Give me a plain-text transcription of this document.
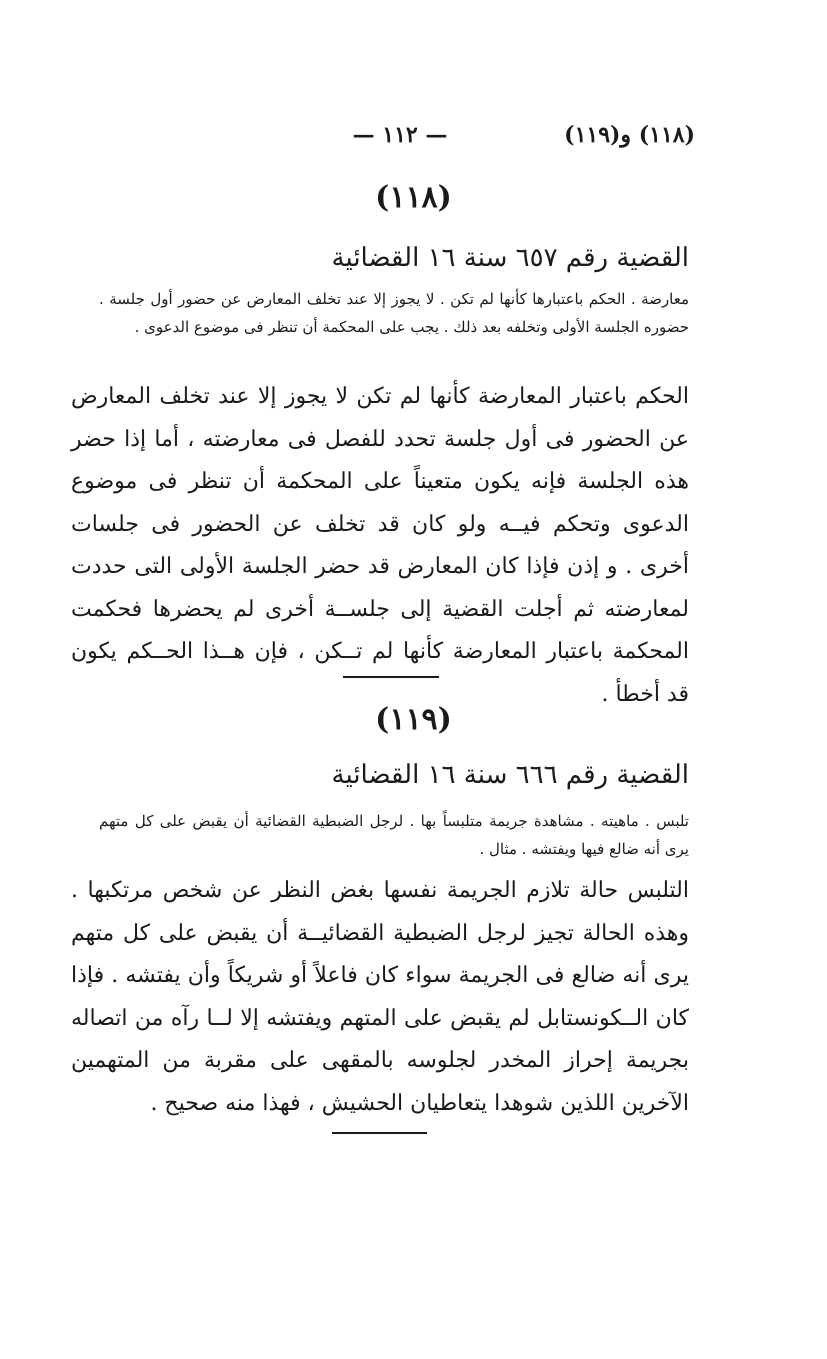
(١١٨) و(١١٩)
— ١١٢ —
(١١٨)
القضية رقم ٦٥٧ سنة ١٦ القضائية
معارضة . الحكم باعتبارها كأنها لم تكن . لا يجوز إلا عند تخلف المعارض عن حضور أول جلسة . حضوره الجلسة الأولى وتخلفه بعد ذلك . يجب على المحكمة أن تنظر فى موضوع الدعوى .
الحكم باعتبار المعارضة كأنها لم تكن لا يجوز إلا عند تخلف المعارض عن الحضور فى أول جلسة تحدد للفصل فى معارضته ، أما إذا حضر هذه الجلسة فإنه يكون متعيناً على المحكمة أن تنظر فى موضوع الدعوى وتحكم فيــه ولو كان قد تخلف عن الحضور فى جلسات أخرى . و إذن فإذا كان المعارض قد حضر الجلسة الأولى التى حددت لمعارضته ثم أجلت القضية إلى جلســة أخرى لم يحضرها فحكمت المحكمة باعتبار المعارضة كأنها لم تــكن ، فإن هــذا الحــكم يكون قد أخطأ .
(١١٩)
القضية رقم ٦٦٦ سنة ١٦ القضائية
تلبس . ماهيته . مشاهدة جريمة متلبساً بها . لرجل الضبطية القضائية أن يقبض على كل متهم يرى أنه ضالع فيها ويفتشه . مثال .
التلبس حالة تلازم الجريمة نفسها بغض النظر عن شخص مرتكبها . وهذه الحالة تجيز لرجل الضبطية القضائيــة أن يقبض على كل متهم يرى أنه ضالع فى الجريمة سواء كان فاعلاً أو شريكاً وأن يفتشه . فإذا كان الــكونستابل لم يقبض على المتهم ويفتشه إلا لــا رآه من اتصاله بجريمة إحراز المخدر لجلوسه بالمقهى على مقربة من المتهمين الآخرين اللذين شوهدا يتعاطيان الحشيش ، فهذا منه صحيح .
